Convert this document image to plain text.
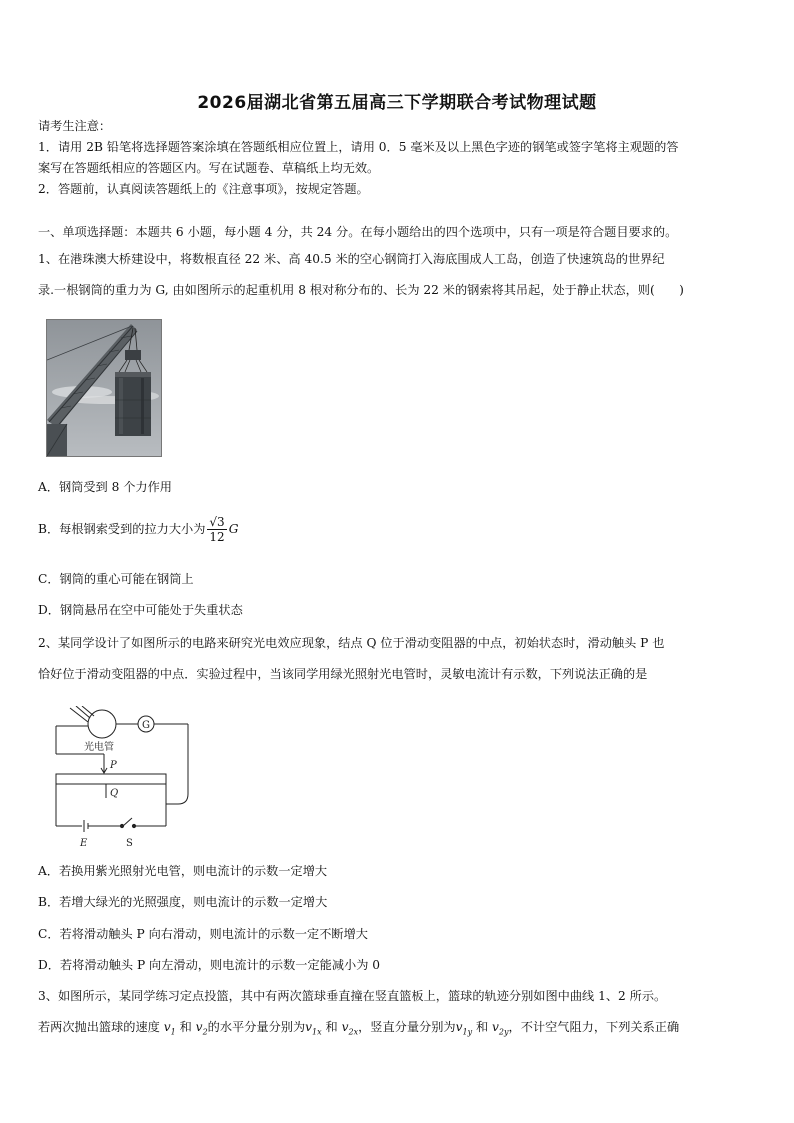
2026届湖北省第五届高三下学期联合考试物理试题
请考生注意：
1．请用 2B 铅笔将选择题答案涂填在答题纸相应位置上，请用 0．5 毫米及以上黑色字迹的钢笔或签字笔将主观题的答
案写在答题纸相应的答题区内。写在试题卷、草稿纸上均无效。
2．答题前，认真阅读答题纸上的《注意事项》，按规定答题。
一、单项选择题：本题共 6 小题，每小题 4 分，共 24 分。在每小题给出的四个选项中，只有一项是符合题目要求的。
1、在港珠澳大桥建设中，将数根直径 22 米、高 40.5 米的空心钢筒打入海底围成人工岛，创造了快速筑岛的世界纪
录.一根钢筒的重力为 G, 由如图所示的起重机用 8 根对称分布的、长为 22 米的钢索将其吊起，处于静止状态，则(　　)
A．钢筒受到 8 个力作用
B．每根钢索受到的拉力大小为 $\frac{√3}{12}$ G
C．钢筒的重心可能在钢筒上
D．钢筒悬吊在空中可能处于失重状态
2、某同学设计了如图所示的电路来研究光电效应现象，结点 Q 位于滑动变阻器的中点，初始状态时，滑动触头 P 也
恰好位于滑动变阻器的中点．实验过程中，当该同学用绿光照射光电管时，灵敏电流计有示数，下列说法正确的是
光电管
G
P
Q
E	S
A．若换用紫光照射光电管，则电流计的示数一定增大
B．若增大绿光的光照强度，则电流计的示数一定增大
C．若将滑动触头 P 向右滑动，则电流计的示数一定不断增大
D．若将滑动触头 P 向左滑动，则电流计的示数一定能减小为 0
3、如图所示，某同学练习定点投篮，其中有两次篮球垂直撞在竖直篮板上，篮球的轨迹分别如图中曲线 1、2 所示。
若两次抛出篮球的速度 $v_1$ 和 $v_2$的水平分量分别为$v_{1x}$ 和 $v_{2x}$，竖直分量分别为$v_{1y}$ 和 $v_{2y}$，不计空气阻力，下列关系正确
